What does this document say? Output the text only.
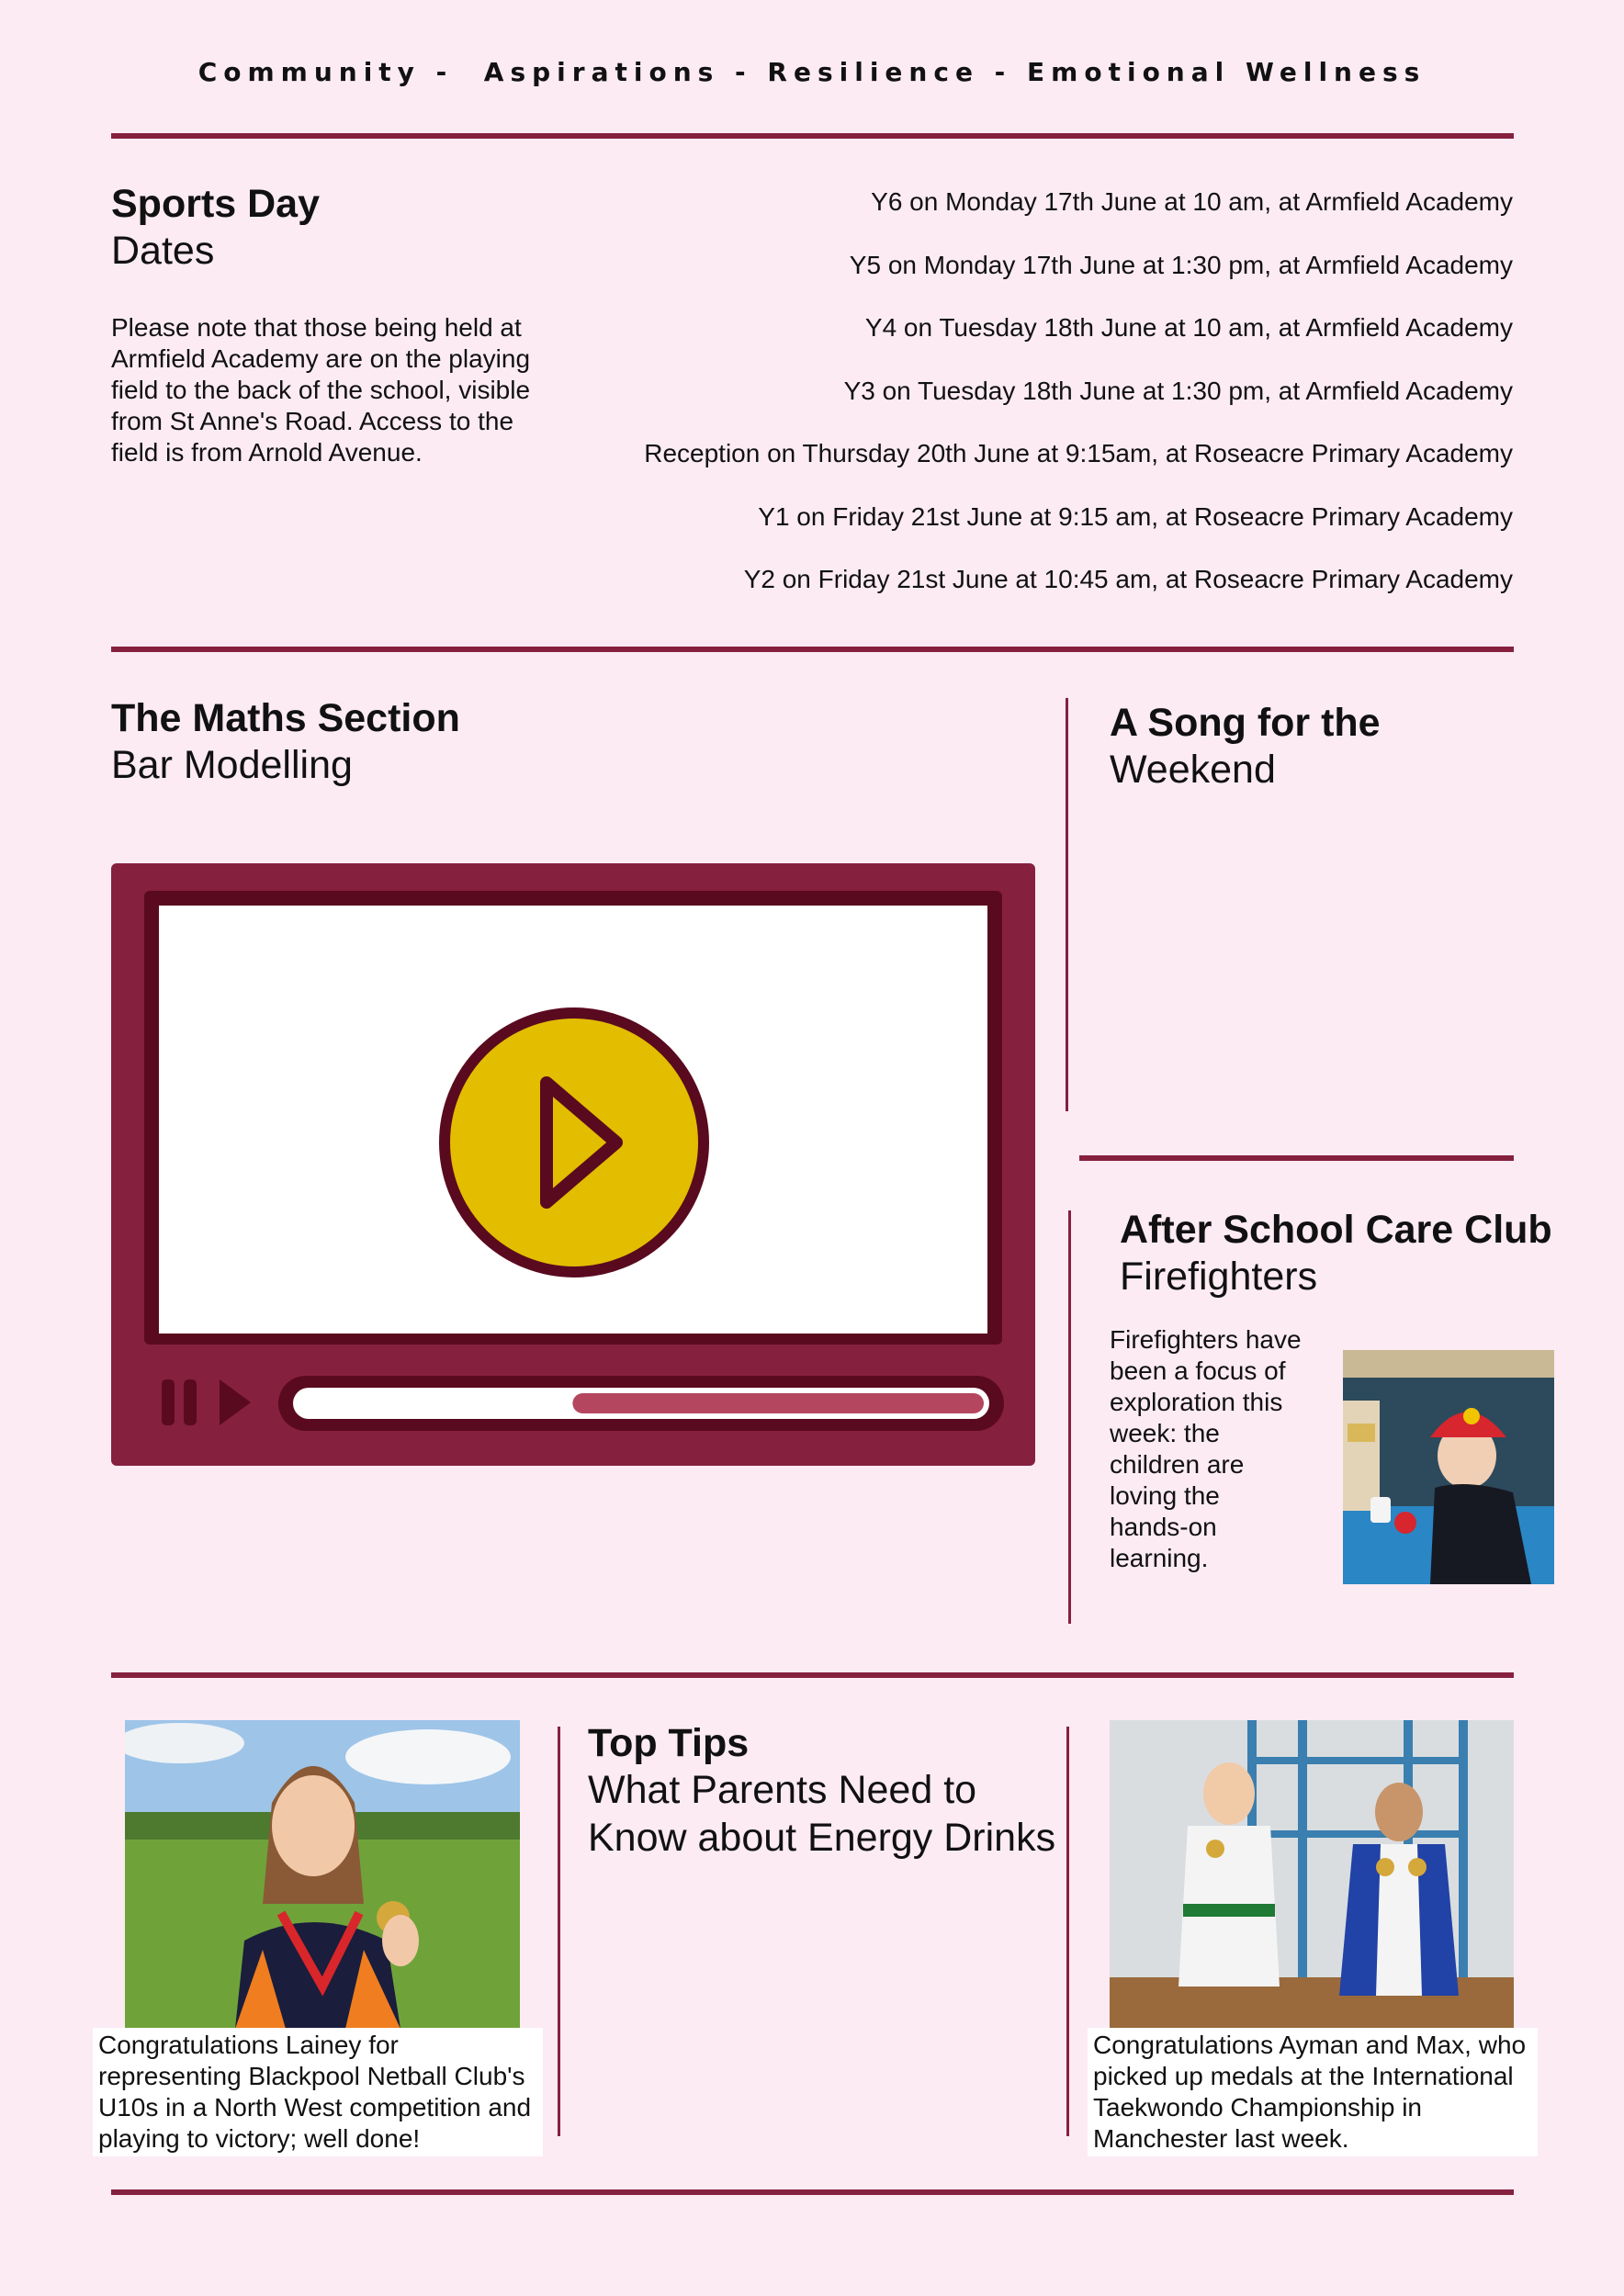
Community -  Aspirations - Resilience - Emotional Wellness
Sports Day
Dates
Please note that those being held at Armfield Academy are on the playing field to the back of the school, visible from St Anne's Road. Access to the field is from Arnold Avenue.
Y6 on Monday 17th June at 10 am, at Armfield Academy
Y5 on Monday 17th June at 1:30 pm, at Armfield Academy
Y4 on Tuesday 18th June at 10 am, at Armfield Academy
Y3 on Tuesday 18th June at 1:30 pm, at Armfield Academy
Reception on Thursday 20th June at 9:15am, at Roseacre Primary Academy
Y1 on Friday 21st June at 9:15 am, at Roseacre Primary Academy
Y2 on Friday 21st June at 10:45 am, at Roseacre Primary Academy
The Maths Section
Bar Modelling
A Song for the
Weekend
After School Care Club
Firefighters
Firefighters have been a focus of exploration this week: the children are loving the hands-on learning.
Congratulations Lainey for representing Blackpool Netball Club's U10s in a North West competition and playing to victory; well done!
Top Tips
What Parents Need to Know about Energy Drinks
Congratulations Ayman and Max, who picked up medals at the International Taekwondo Championship in Manchester last week.
